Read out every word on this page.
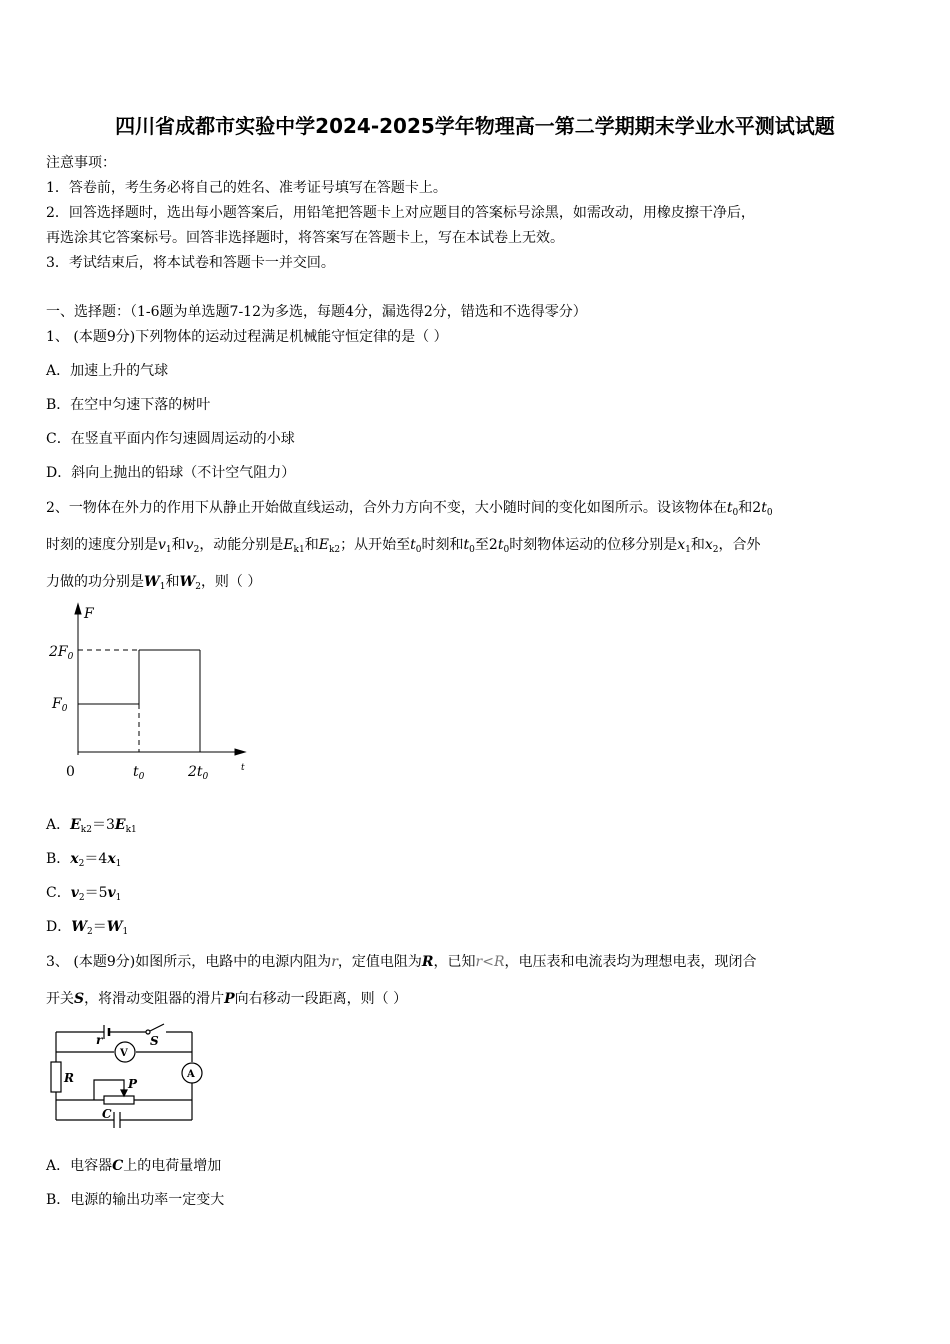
四川省成都市实验中学2024-2025学年物理高一第二学期期末学业水平测试试题
注意事项：
1．答卷前，考生务必将自己的姓名、准考证号填写在答题卡上。
2．回答选择题时，选出每小题答案后，用铅笔把答题卡上对应题目的答案标号涂黑，如需改动，用橡皮擦干净后，
再选涂其它答案标号。回答非选择题时，将答案写在答题卡上，写在本试卷上无效。
3．考试结束后，将本试卷和答题卡一并交回。
一、选择题：（1-6题为单选题7-12为多选，每题4分，漏选得2分，错选和不选得零分）
1、 (本题9分)下列物体的运动过程满足机械能守恒定律的是（ ）
A．加速上升的气球
B．在空中匀速下落的树叶
C．在竖直平面内作匀速圆周运动的小球
D．斜向上抛出的铅球（不计空气阻力）
2、一物体在外力的作用下从静止开始做直线运动，合外力方向不变，大小随时间的变化如图所示。设该物体在$t_0$和$2t_0$
时刻的速度分别是$v_1$和$v_2$，动能分别是$E_{k1}$和$E_{k2}$；从开始至$t_0$时刻和$t_0$至$2t_0$时刻物体运动的位移分别是$x_1$和$x_2$，合外
力做的功分别是$W_1$和$W_2$，则（ ）
F
$2F_0$
$F_0$
0	$t_0$	$2t_0$
t
A．$E_{k2}=3E_{k1}$
B．$x_2=4x_1$
C．$v_2=5v_1$
D．$W_2=W_1$
3、 (本题9分)如图所示，电路中的电源内阻为r，定值电阻为R，已知r<R，电压表和电流表均为理想电表，现闭合
开关S，将滑动变阻器的滑片P向右移动一段距离，则（ ）
r	S
V
A
R	P
C
A．电容器C上的电荷量增加
B．电源的输出功率一定变大
